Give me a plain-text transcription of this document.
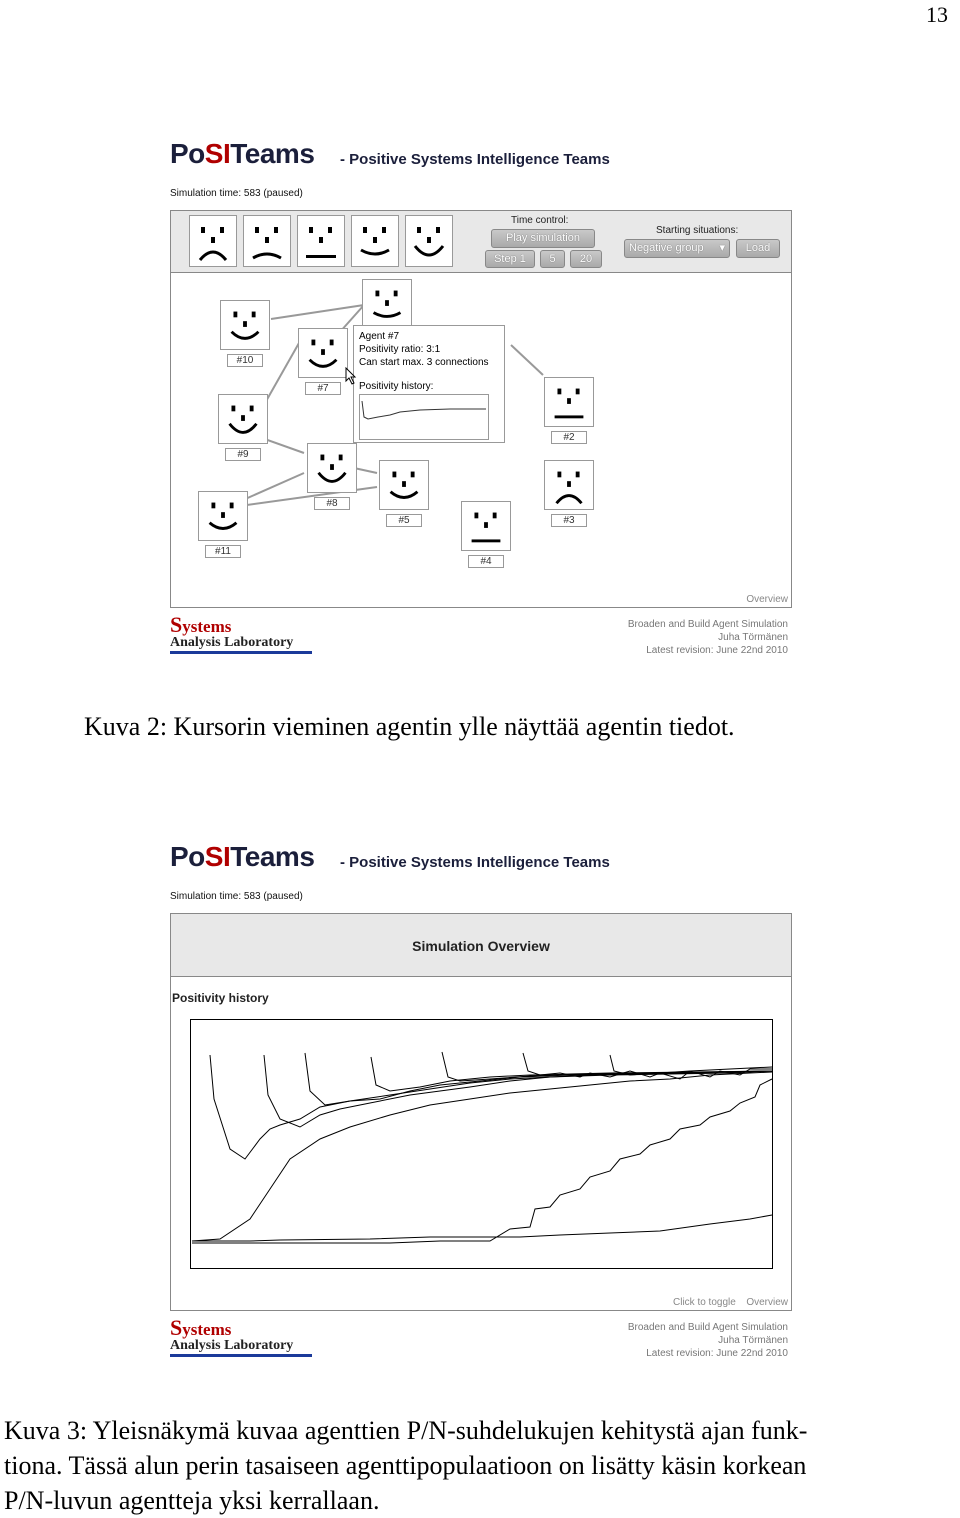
13
PoSITeams - Positive Systems Intelligence Teams
Simulation time: 583 (paused)
Time control:
Play simulation
Step 1	5	20
Starting situations:
Negative group ▾	Load
#10
#7
#9
#8
#5
#11
#4
#2
#3
Agent #7
Positivity ratio: 3:1
Can start max. 3 connections
Positivity history:
Overview
Systems
Analysis Laboratory
Broaden and Build Agent Simulation
Juha Törmänen
Latest revision: June 22nd 2010
Kuva 2: Kursorin vieminen agentin ylle näyttää agentin tiedot.
PoSITeams - Positive Systems Intelligence Teams
Simulation time: 583 (paused)
Simulation Overview
Positivity history
Click to toggle Overview
Systems
Analysis Laboratory
Broaden and Build Agent Simulation
Juha Törmänen
Latest revision: June 22nd 2010
Kuva 3: Yleisnäkymä kuvaa agenttien P/N-suhdelukujen kehitystä ajan funk-
tiona. Tässä alun perin tasaiseen agenttipopulaatioon on lisätty käsin korkean
P/N-luvun agentteja yksi kerrallaan.
